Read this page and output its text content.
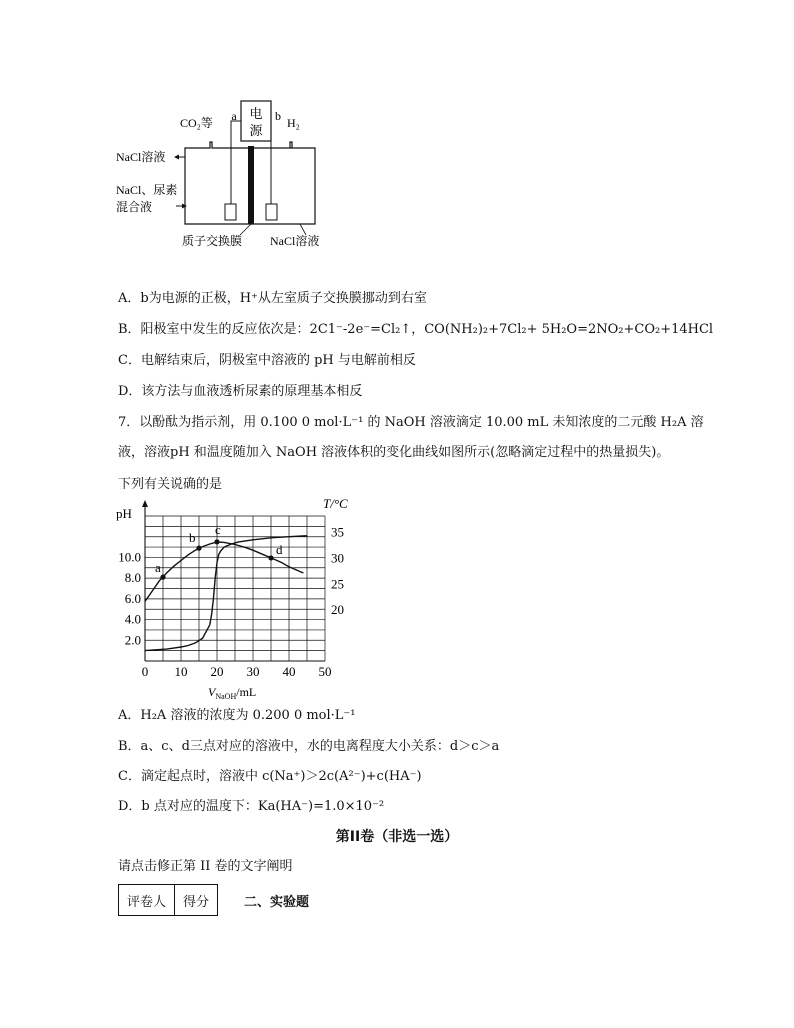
电
源
a	b
CO₂等	H₂
NaCl溶液
NaCl、尿素
混合液
质子交换膜 NaCl溶液
A．b为电源的正极，H⁺从左室质子交换膜挪动到右室
B．阳极室中发生的反应依次是：2C1⁻-2e⁻=Cl₂↑，CO(NH₂)₂+7Cl₂+ 5H₂O=2NO₂+CO₂+14HCl
C．电解结束后，阴极室中溶液的 pH 与电解前相反
D．该方法与血液透析尿素的原理基本相反
7．以酚酞为指示剂，用 0.100 0 mol·L⁻¹ 的 NaOH 溶液滴定 10.00 mL 未知浓度的二元酸 H₂A 溶
液，溶液pH 和温度随加入 NaOH 溶液体积的变化曲线如图所示(忽略滴定过程中的热量损失)。
下列有关说确的是
0 10 20 30 40 50
2.0
4.0
6.0
8.0
10.0
20
25
30
35
a
b
c
d
pH
T/°C
$V_{NaOH}/mL$
A．H₂A 溶液的浓度为 0.200 0 mol·L⁻¹
B．a、c、d三点对应的溶液中，水的电离程度大小关系：d＞c＞a
C．滴定起点时，溶液中 c(Na⁺)＞2c(A²⁻)+c(HA⁻)
D．b 点对应的温度下：Ka(HA⁻)=1.0×10⁻²
第II卷（非选一选）
请点击修正第 II 卷的文字阐明
评卷人	得分	二、实验题
